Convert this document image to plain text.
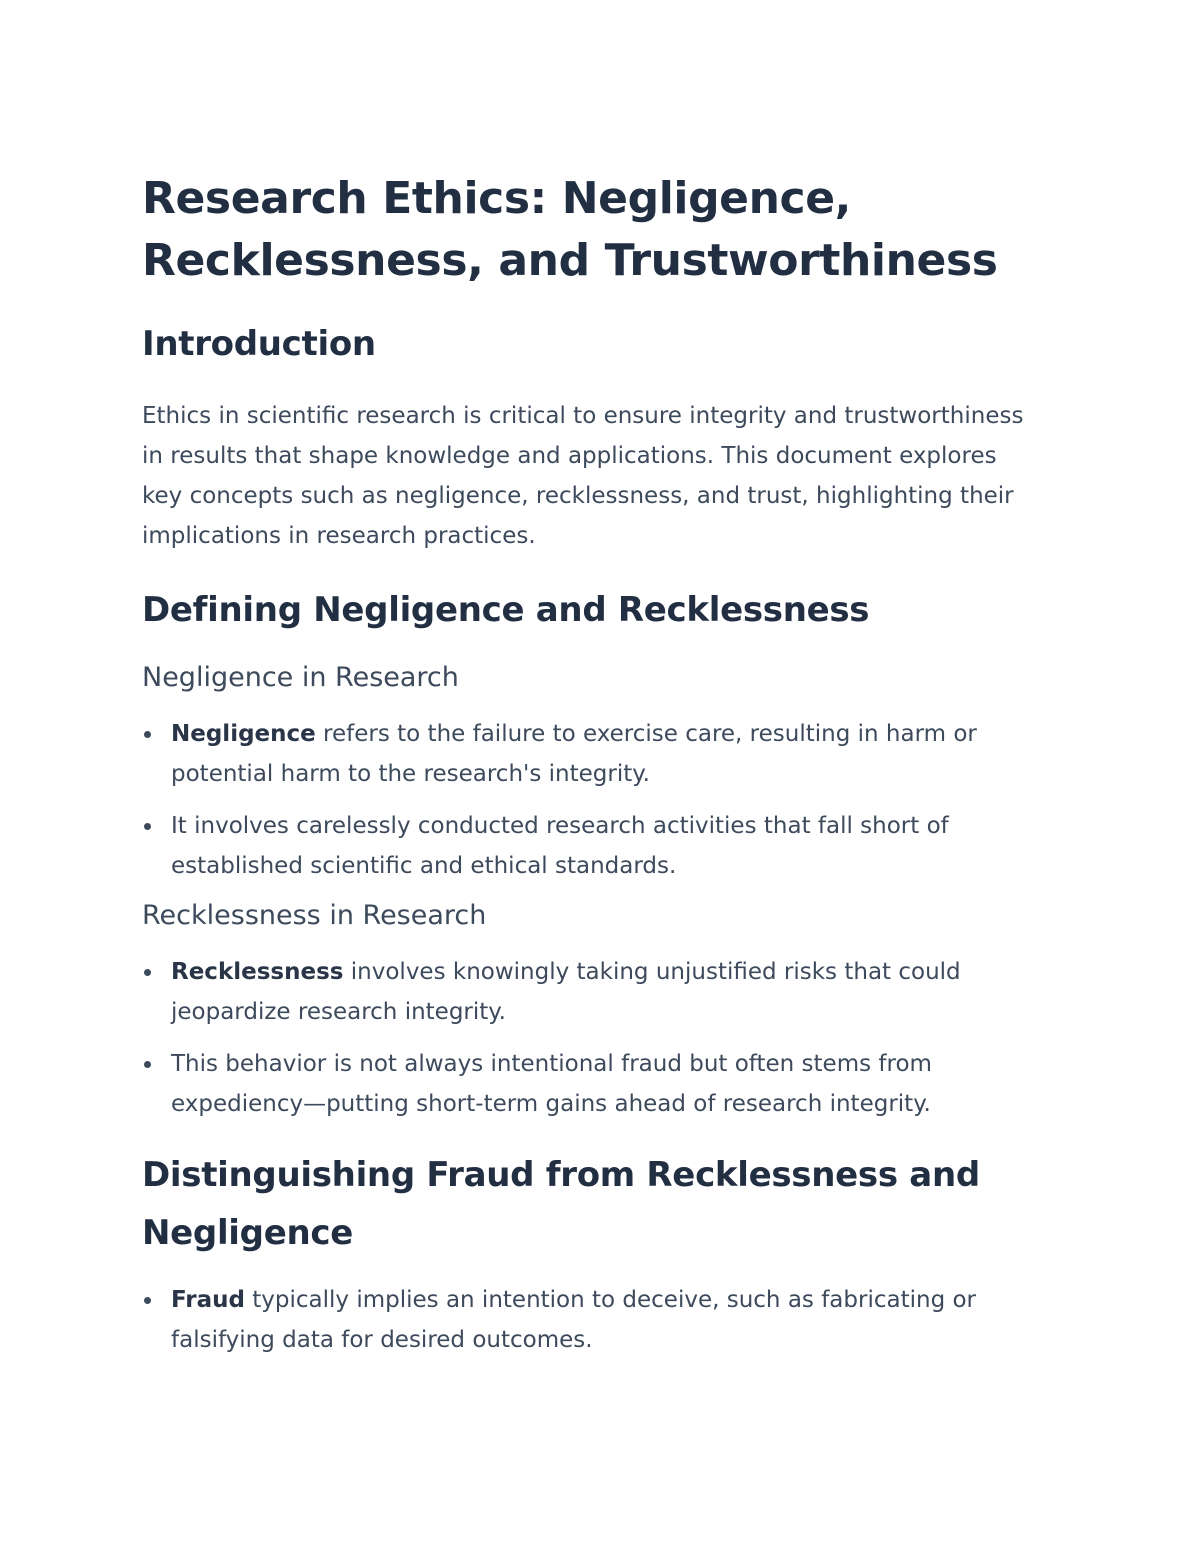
Research Ethics: Negligence, Recklessness, and Trustworthiness
Introduction

Ethics in scientific research is critical to ensure integrity and trustworthiness in results that shape knowledge and applications. This document explores key concepts such as negligence, recklessness, and trust, highlighting their implications in research practices.

Defining Negligence and Recklessness
Negligence in Research
Negligence refers to the failure to exercise care, resulting in harm or potential harm to the research's integrity.
It involves carelessly conducted research activities that fall short of established scientific and ethical standards.
Recklessness in Research
Recklessness involves knowingly taking unjustified risks that could jeopardize research integrity.
This behavior is not always intentional fraud but often stems from expediency—putting short-term gains ahead of research integrity.
Distinguishing Fraud from Recklessness and Negligence
Fraud typically implies an intention to deceive, such as fabricating or falsifying data for desired outcomes.
